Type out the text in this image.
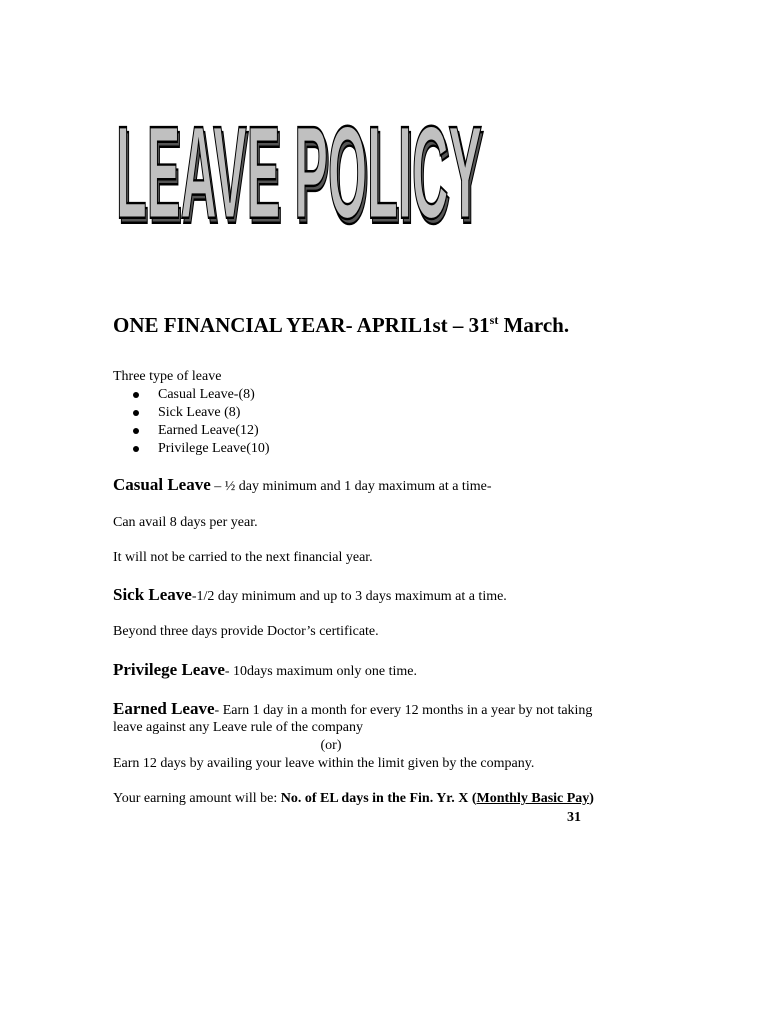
LEAVE POLICY
LEAVE POLICY
ONE FINANCIAL YEAR- APRIL1st – 31st March.
Three type of leave
Casual Leave-(8)
Sick Leave (8)
Earned Leave(12)
Privilege Leave(10)
Casual Leave – ½ day minimum and 1 day maximum at a time-
Can avail 8 days per year.
It will not be carried to the next financial year.
Sick Leave-1/2 day minimum and up to 3 days maximum at a time.
Beyond three days provide Doctor’s certificate.
Privilege Leave- 10days maximum only one time.
Earned Leave- Earn 1 day in a month for every 12 months in a year by not taking
leave against any Leave rule of the company
(or)
Earn 12 days by availing your leave within the limit given by the company.
Your earning amount will be: No. of EL days in the Fin. Yr. X (Monthly Basic Pay)
31
